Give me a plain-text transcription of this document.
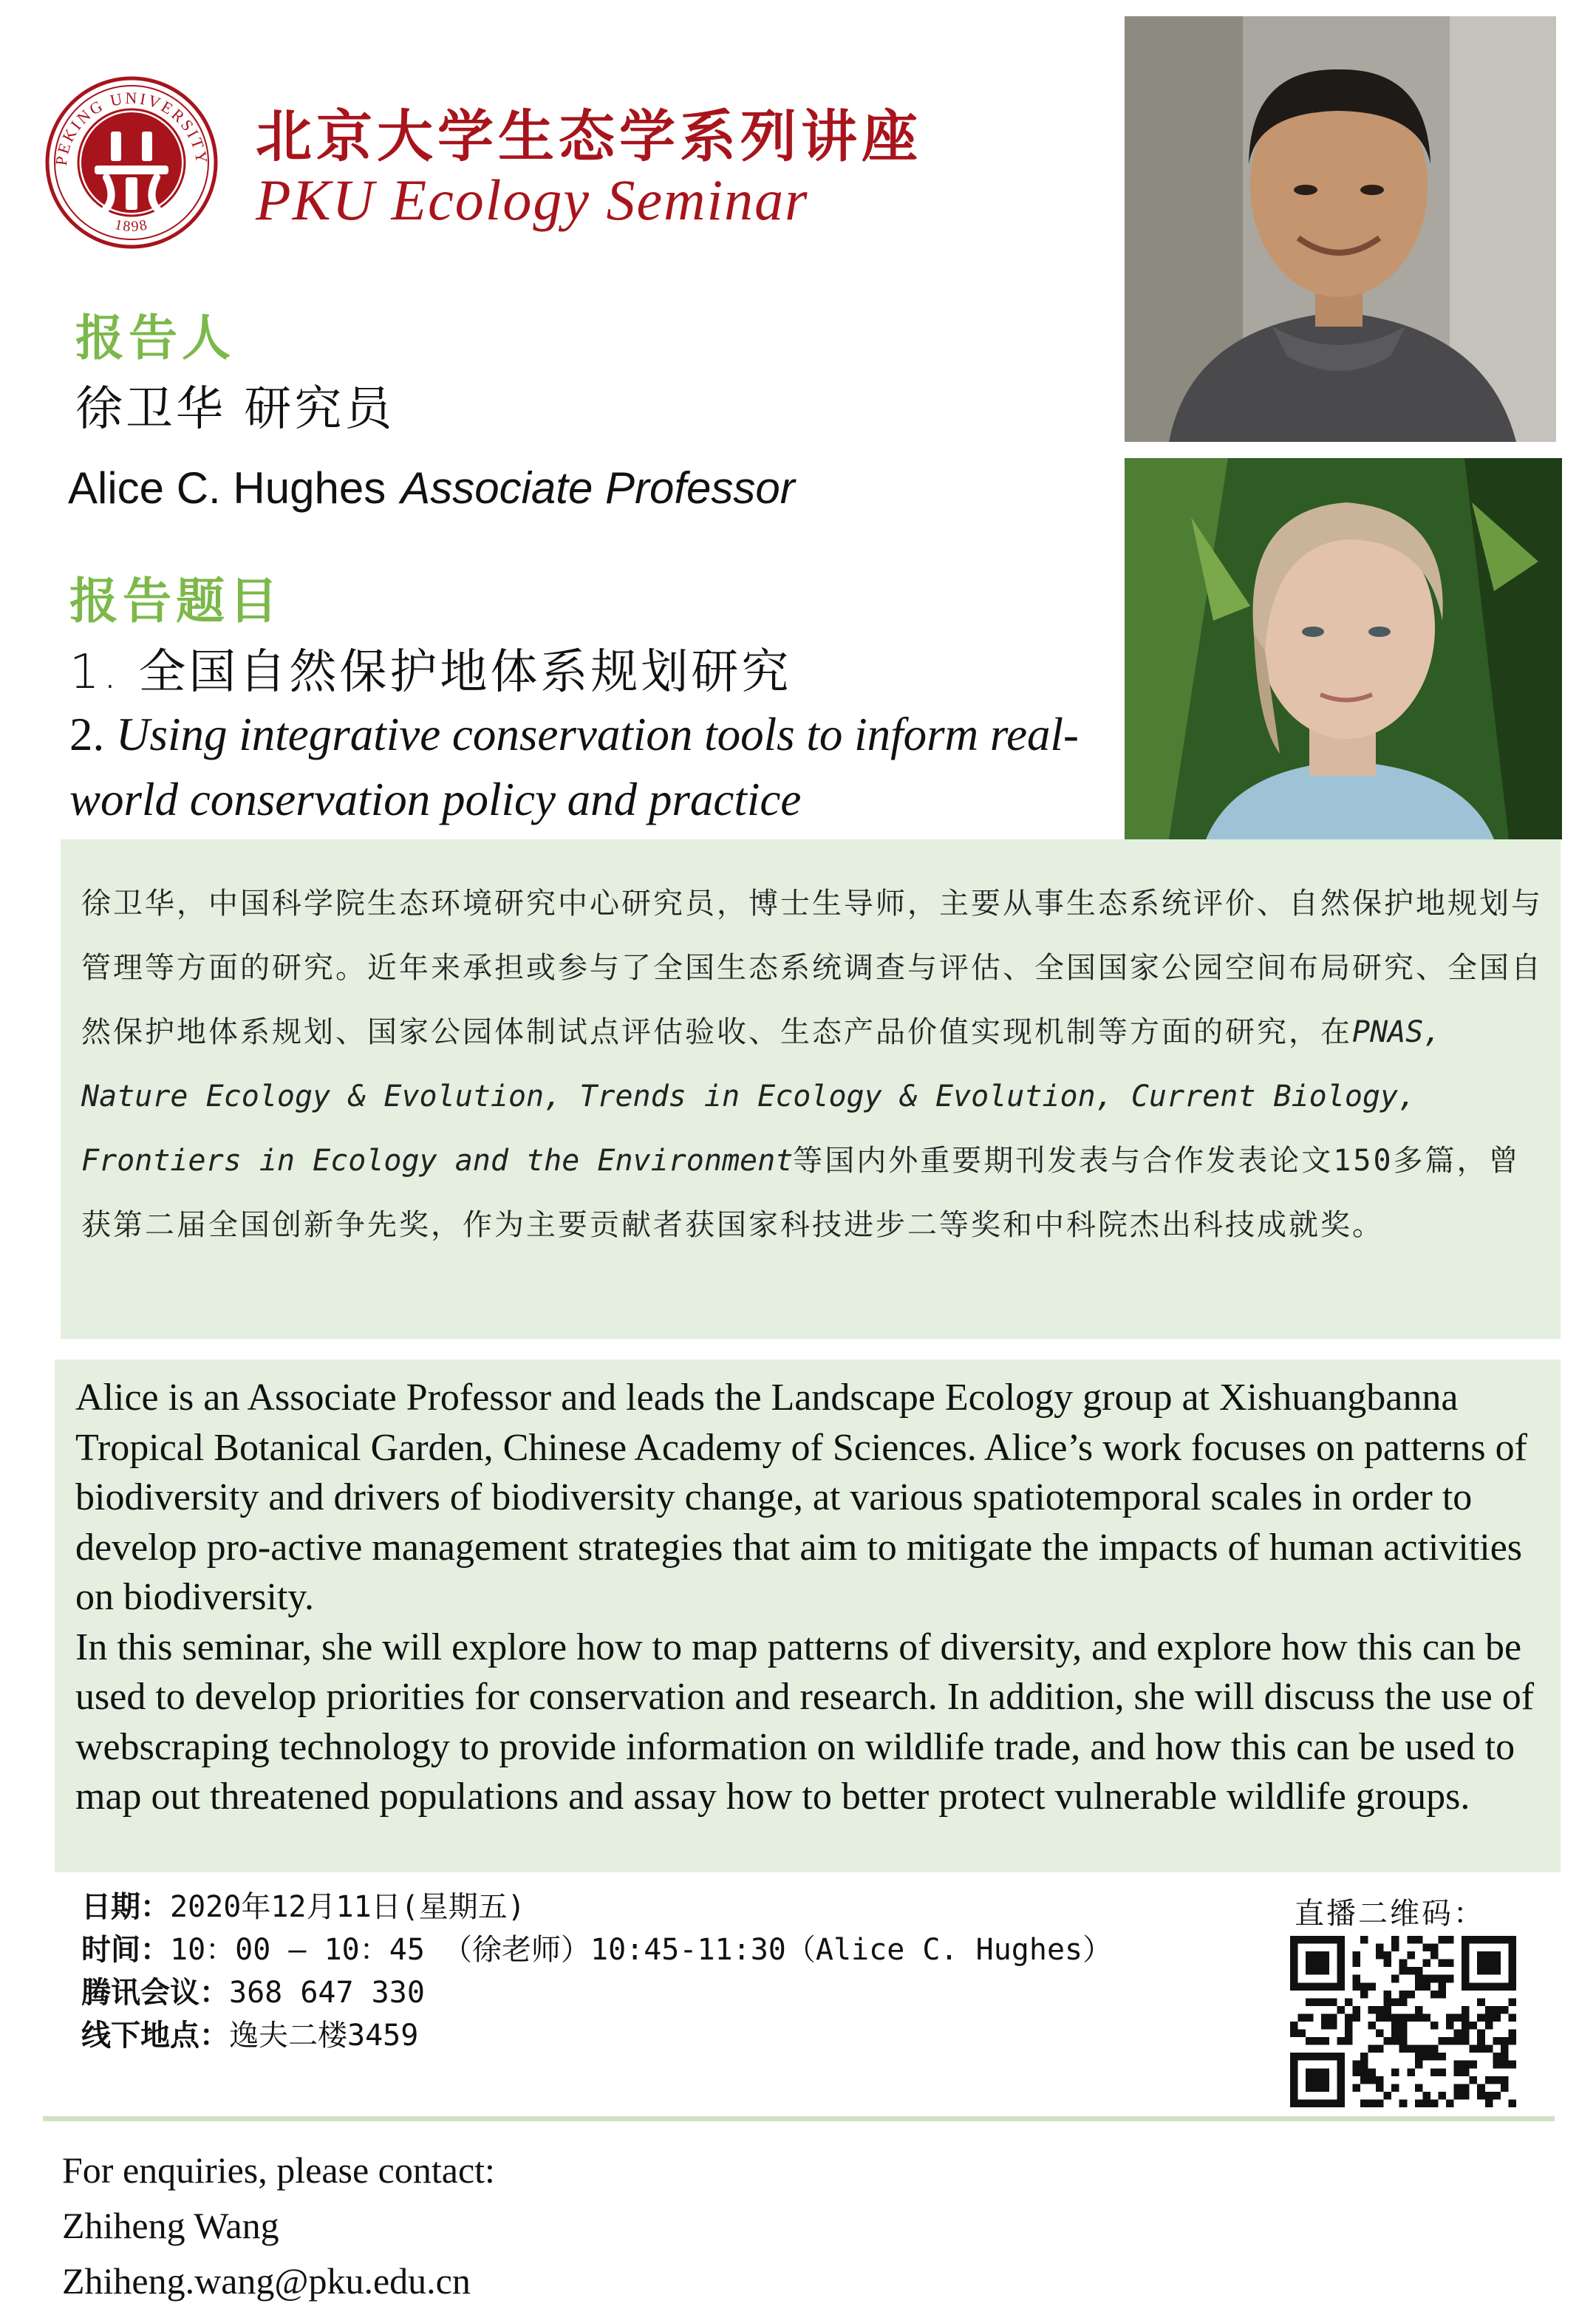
PEKING UNIVERSITY
1898
北京大学生态学系列讲座
PKU Ecology Seminar
报告人
徐卫华 研究员
Alice C. Hughes Associate Professor
报告题目
1. 全国自然保护地体系规划研究
2. Using integrative conservation tools to inform real-world conservation policy and practice
徐卫华，中国科学院生态环境研究中心研究员，博士生导师，主要从事生态系统评价、自然保护地规划与管理等方面的研究。近年来承担或参与了全国生态系统调查与评估、全国国家公园空间布局研究、全国自然保护地体系规划、国家公园体制试点评估验收、生态产品价值实现机制等方面的研究，在PNAS, Nature Ecology & Evolution, Trends in Ecology & Evolution, Current Biology, Frontiers in Ecology and the Environment等国内外重要期刊发表与合作发表论文150多篇，曾获第二届全国创新争先奖，作为主要贡献者获国家科技进步二等奖和中科院杰出科技成就奖。

Alice is an Associate Professor and leads the Landscape Ecology group at Xishuangbanna Tropical Botanical Garden, Chinese Academy of Sciences. Alice’s work focuses on patterns of biodiversity and drivers of biodiversity change, at various spatiotemporal scales in order to develop pro-active management strategies that aim to mitigate the impacts of human activities on biodiversity.

In this seminar, she will explore how to map patterns of diversity, and explore how this can be used to develop priorities for conservation and research. In addition, she will discuss the use of webscraping technology to provide information on wildlife trade, and how this can be used to map out threatened populations and assay how to better protect vulnerable wildlife groups.

日期：2020年12月11日(星期五)
时间：10：00 – 10：45 （徐老师）10:45-11:30（Alice C. Hughes）
腾讯会议：368 647 330
线下地点：逸夫二楼3459
直播二维码：
For enquiries, please contact:
Zhiheng Wang
Zhiheng.wang@pku.edu.cn
